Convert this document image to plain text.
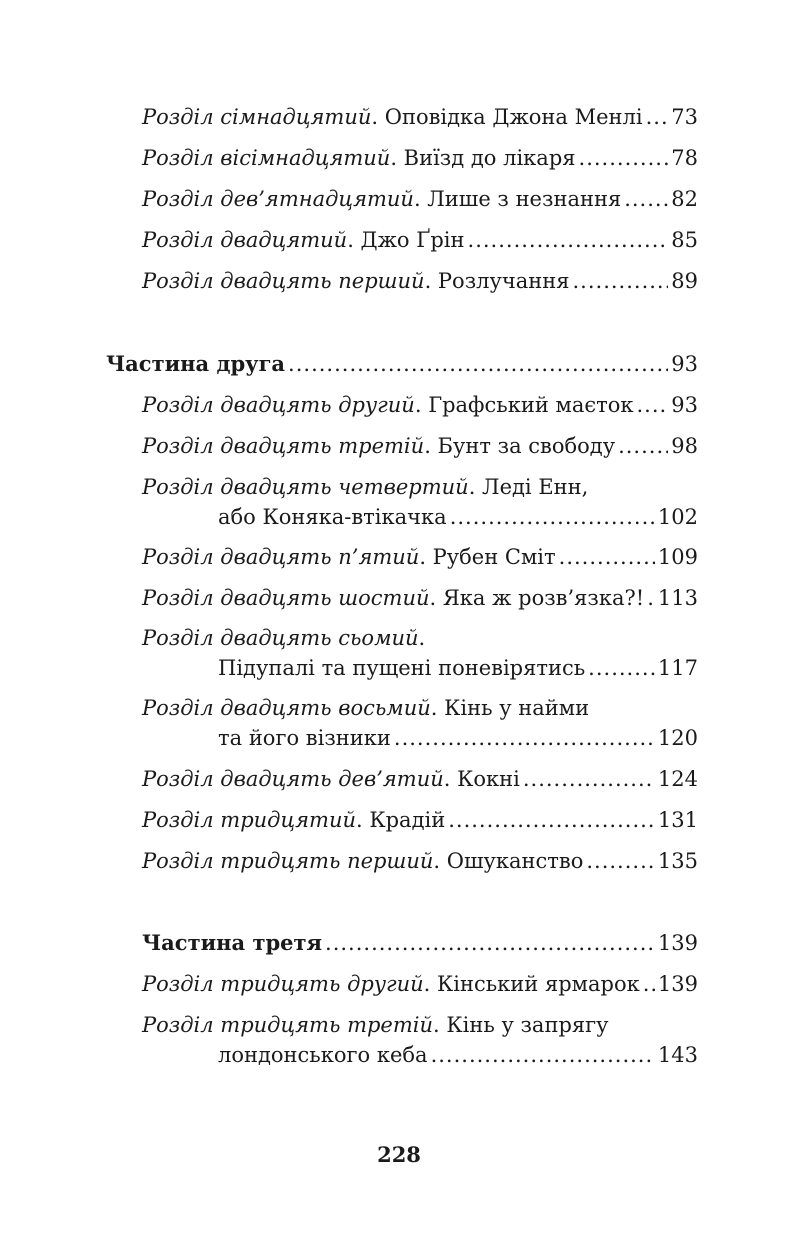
Розділ сімнадцятий . Оповідка Джона Менлі ..... 73
Розділ вісімнадцятий . Виїзд до лікаря .....	78
Розділ дев’ятнадцятий . Лише з незнання ..... 82
Розділ двадцятий . Джо Ґрін .....	85
Розділ двадцять перший . Розлучання .....	89
Частина друга .....	93
Розділ двадцять другий . Графський маєток ..... 93
Розділ двадцять третій . Бунт за свободу .....	98
Розділ двадцять четвертий . Леді Енн,
або Коняка-втікачка .....	102
Розділ двадцять п’ятий . Рубен Сміт .....	109
Розділ двадцять шостий . Яка ж розв’язка?! ..... 113
Розділ двадцять сьомий .
Підупалі та пущені поневірятись .....	117
Розділ двадцять восьмий . Кінь у найми
та його візники .....	120
Розділ двадцять дев’ятий . Кокні .....	124
Розділ тридцятий . Крадій .....	131
Розділ тридцять перший . Ошуканство .....	135
Частина третя .....	139
Розділ тридцять другий . Кінський ярмарок ..... 139
Розділ тридцять третій . Кінь у запрягу
лондонського кеба .....	143
228
